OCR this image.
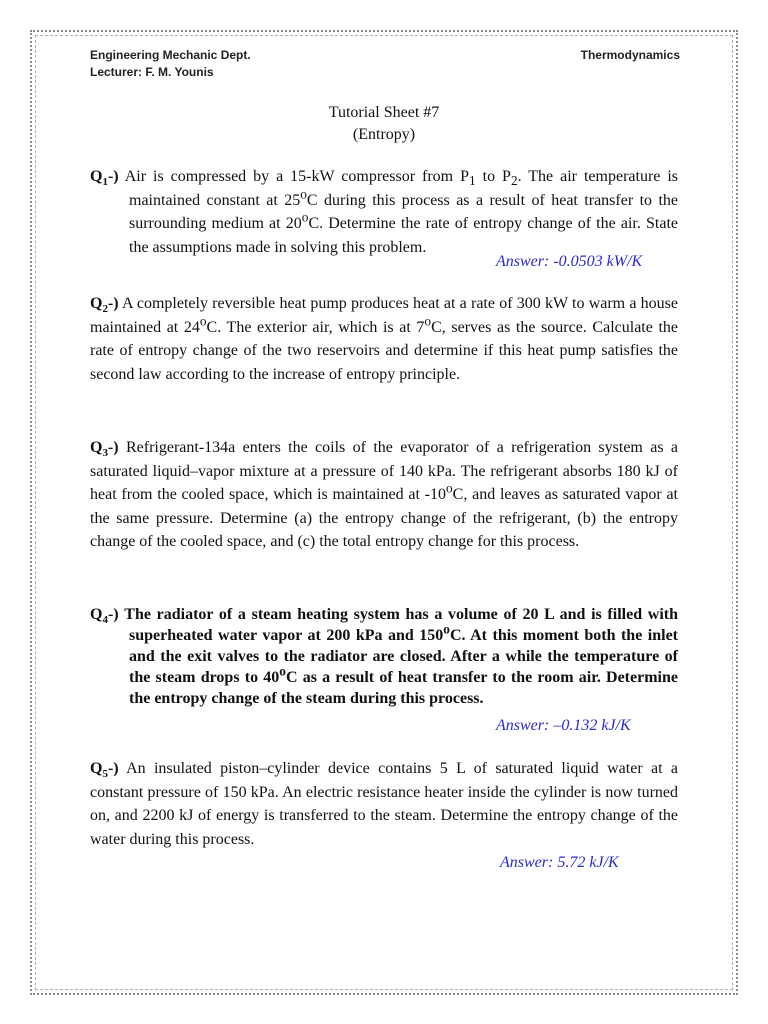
Engineering Mechanic Dept.
Lecturer: F. M. Younis
Thermodynamics
Tutorial Sheet #7
(Entropy)
$Q_1-$) Air is compressed by a 15-kW compressor from $P_1$ to $P_2$. The air temperature is maintained constant at 25$^o$C during this process as a result of heat transfer to the surrounding medium at 20$^o$C. Determine the rate of entropy change of the air. State the assumptions made in solving this problem.
Answer: -0.0503 kW/K
$Q_2-$) A completely reversible heat pump produces heat at a rate of 300 kW to warm a house maintained at 24$^o$C. The exterior air, which is at 7$^o$C, serves as the source. Calculate the rate of entropy change of the two reservoirs and determine if this heat pump satisfies the second law according to the increase of entropy principle.
$Q_3-$) Refrigerant-134a enters the coils of the evaporator of a refrigeration system as a saturated liquid–vapor mixture at a pressure of 140 kPa. The refrigerant absorbs 180 kJ of heat from the cooled space, which is maintained at -10$^o$C, and leaves as saturated vapor at the same pressure. Determine (a) the entropy change of the refrigerant, (b) the entropy change of the cooled space, and (c) the total entropy change for this process.
$Q_4-$) The radiator of a steam heating system has a volume of 20 L and is filled with superheated water vapor at 200 kPa and 150$^o$C. At this moment both the inlet and the exit valves to the radiator are closed. After a while the temperature of the steam drops to 40$^o$C as a result of heat transfer to the room air. Determine the entropy change of the steam during this process.
Answer: –0.132 kJ/K
$Q_5-$) An insulated piston–cylinder device contains 5 L of saturated liquid water at a constant pressure of 150 kPa. An electric resistance heater inside the cylinder is now turned on, and 2200 kJ of energy is transferred to the steam. Determine the entropy change of the water during this process.
Answer: 5.72 kJ/K
